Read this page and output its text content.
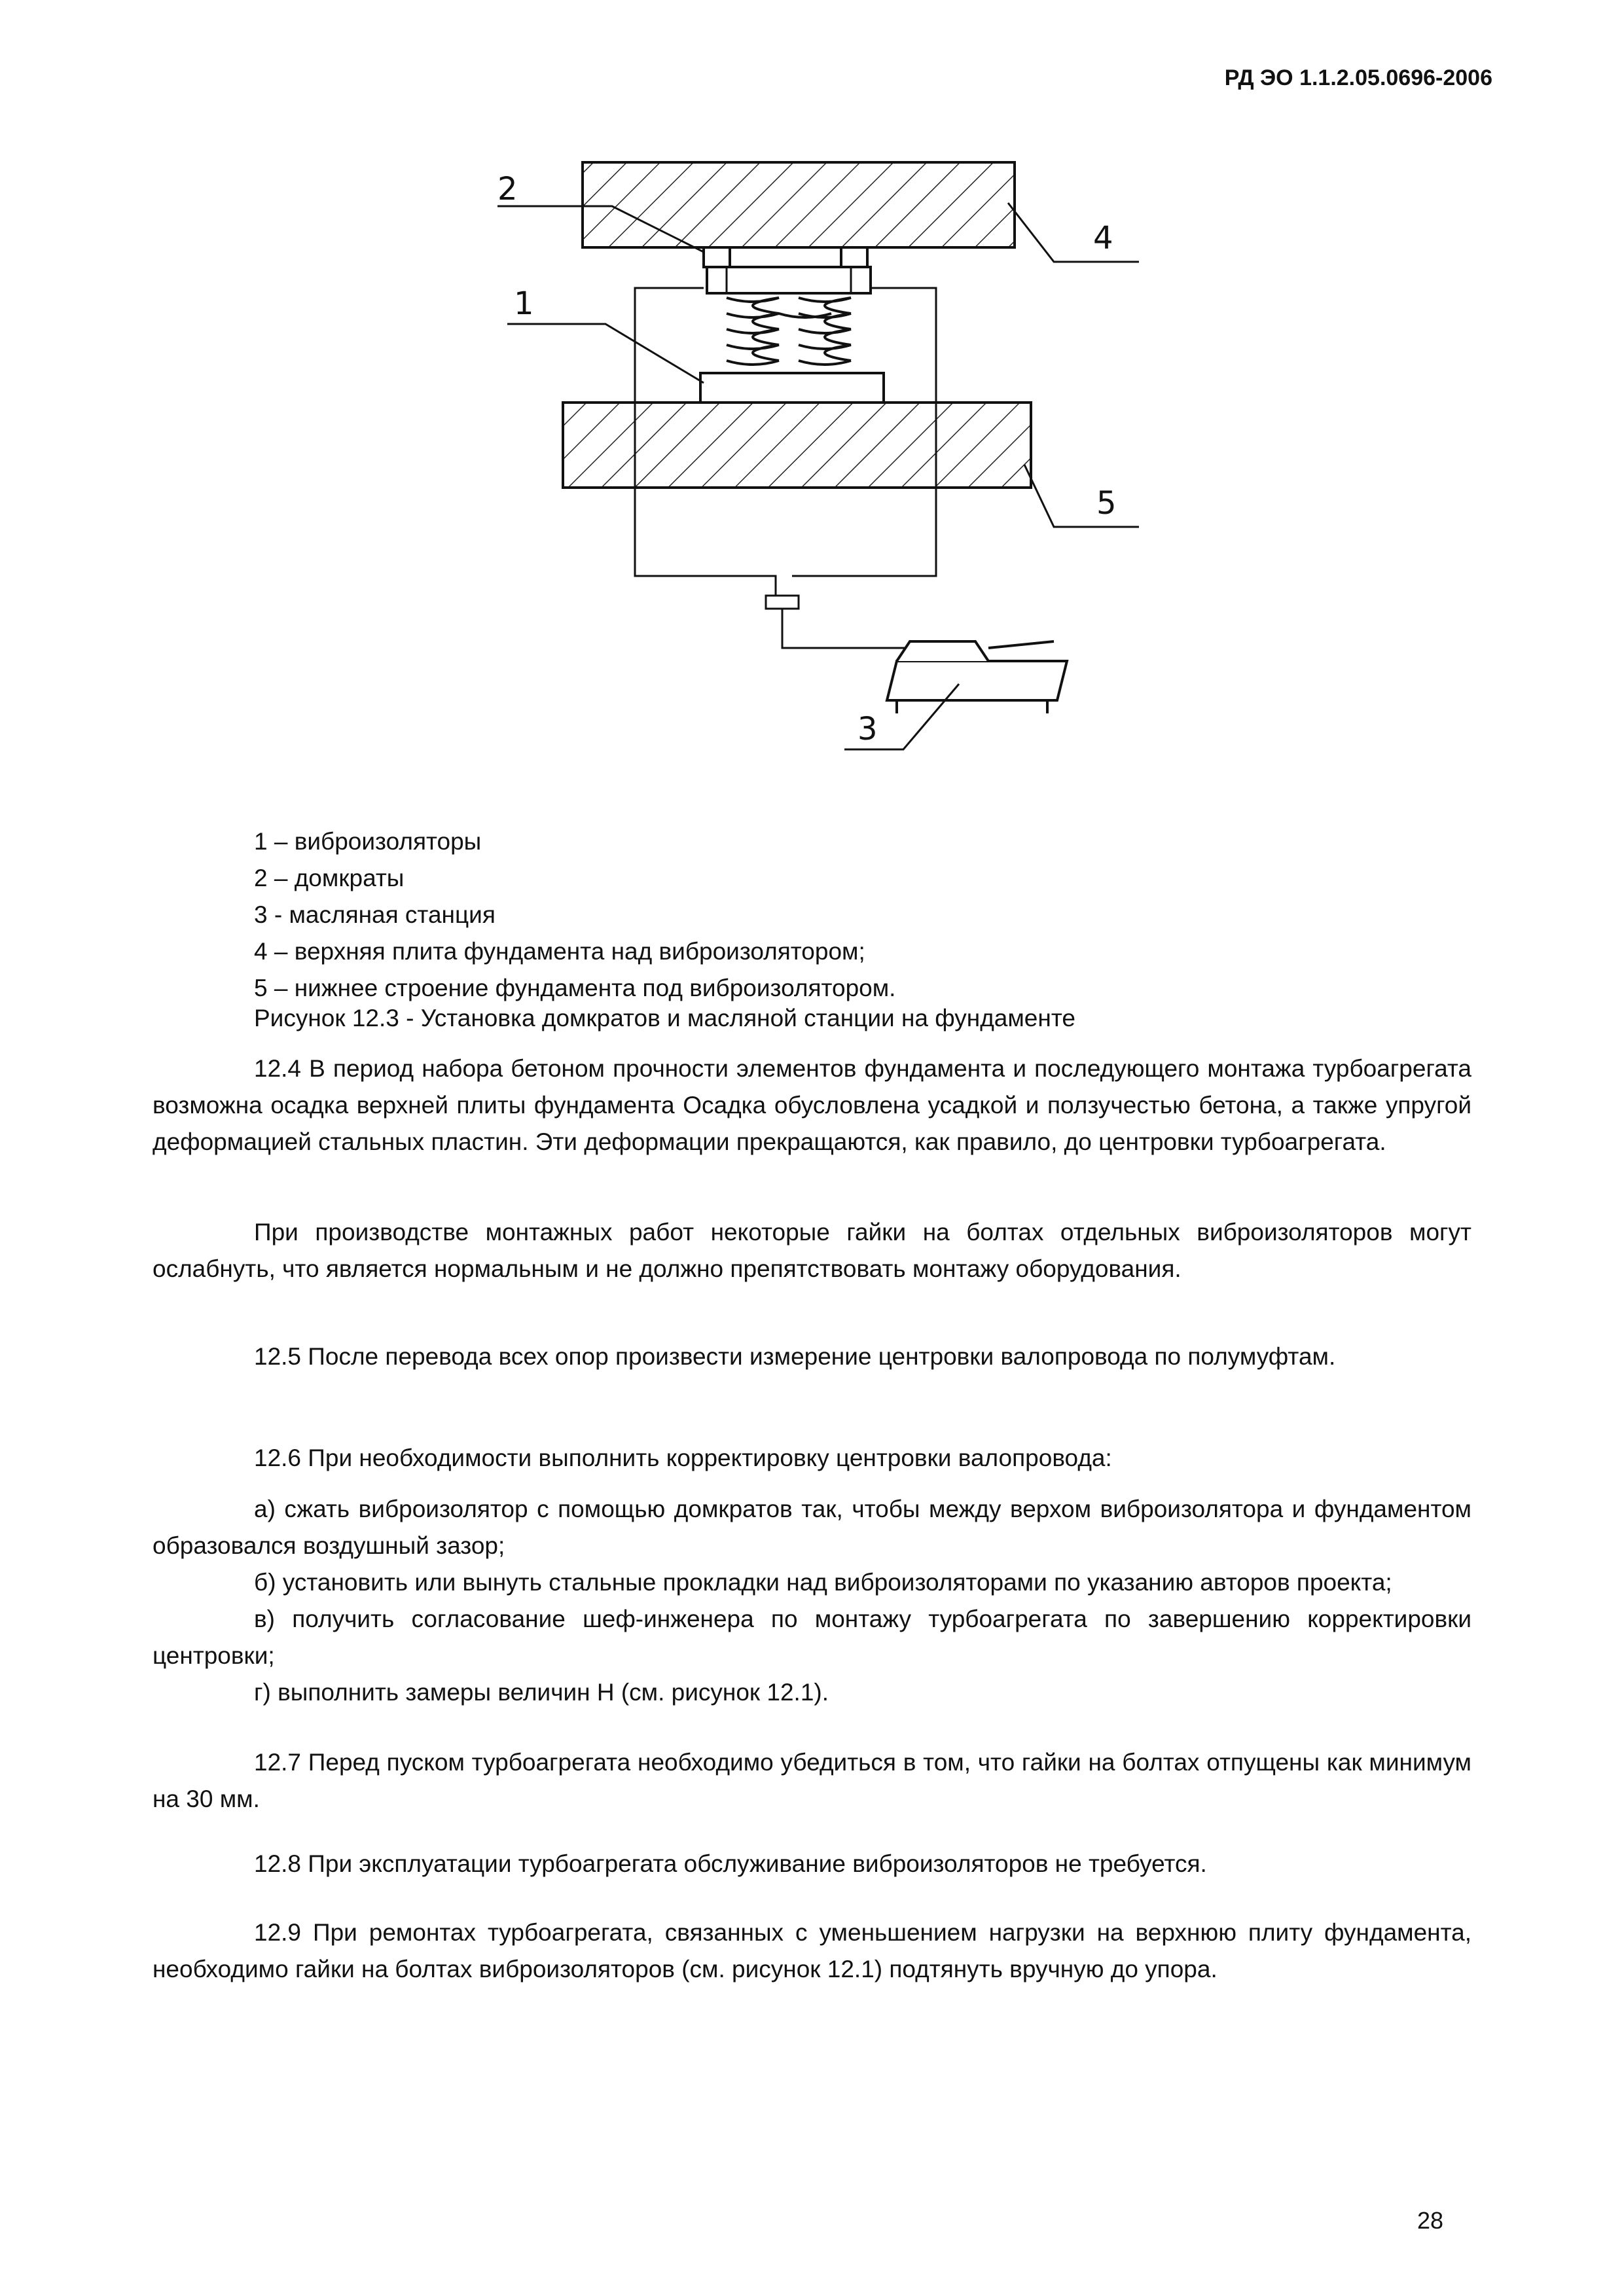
РД ЭО 1.1.2.05.0696-2006
2
1
4
5
3
1 – виброизоляторы
2 – домкраты
3 - масляная станция
4 – верхняя плита фундамента над виброизолятором;
5 – нижнее строение фундамента под виброизолятором.
Рисунок 12.3 - Установка домкратов и масляной станции на фундаменте

12.4 В период набора бетоном прочности элементов фундамента и последующего монтажа турбоагрегата возможна осадка верхней плиты фундамента Осадка обусловлена усадкой и ползучестью бетона, а также упругой деформацией стальных пластин. Эти деформации прекращаются, как правило, до центровки турбоагрегата.

При производстве монтажных работ некоторые гайки на болтах отдельных виброизоляторов могут ослабнуть, что является нормальным и не должно препятствовать монтажу оборудования.

12.5 После перевода всех опор произвести измерение центровки валопровода по полумуфтам.

12.6 При необходимости выполнить корректировку центровки валопровода:

а) сжать виброизолятор с помощью домкратов так, чтобы между верхом виброизолятора и фундаментом образовался воздушный зазор;

б) установить или вынуть стальные прокладки над виброизоляторами по указанию авторов проекта;

в) получить согласование шеф-инженера по монтажу турбоагрегата по завершению корректировки центровки;

г) выполнить замеры величин Н (см. рисунок 12.1).

12.7 Перед пуском турбоагрегата необходимо убедиться в том, что гайки на болтах отпущены как минимум на 30 мм.

12.8 При эксплуатации турбоагрегата обслуживание виброизоляторов не требуется.

12.9 При ремонтах турбоагрегата, связанных с уменьшением нагрузки на верхнюю плиту фундамента, необходимо гайки на болтах виброизоляторов (см. рисунок 12.1) подтянуть вручную до упора.

28
